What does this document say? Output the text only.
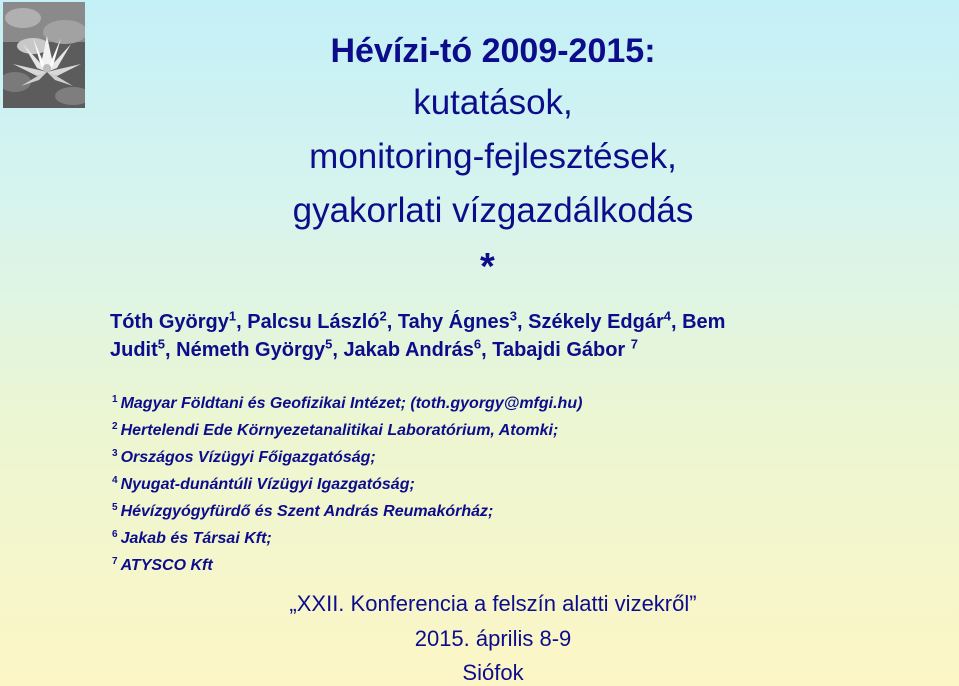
Hévízi-tó 2009-2015:
kutatások,
monitoring-fejlesztések,
gyakorlati vízgazdálkodás
*
Tóth György$^1$, Palcsu László$^2$, Tahy Ágnes$^3$, Székely Edgár$^4$, Bem
Judit$^5$, Németh György$^5$, Jakab András$^6$, Tabajdi Gábor $^7$
$^1$ Magyar Földtani és Geofizikai Intézet; (toth.gyorgy@mfgi.hu)
$^2$ Hertelendi Ede Környezetanalitikai Laboratórium, Atomki;
$^3$ Országos Vízügyi Főigazgatóság;
$^4$ Nyugat-dunántúli Vízügyi Igazgatóság;
$^5$ Hévízgyógyfürdő és Szent András Reumakórház;
$^6$ Jakab és Társai Kft;
$^7$ ATYSCO Kft
„XXII. Konferencia a felszín alatti vizekről”
2015. április 8-9
Siófok
